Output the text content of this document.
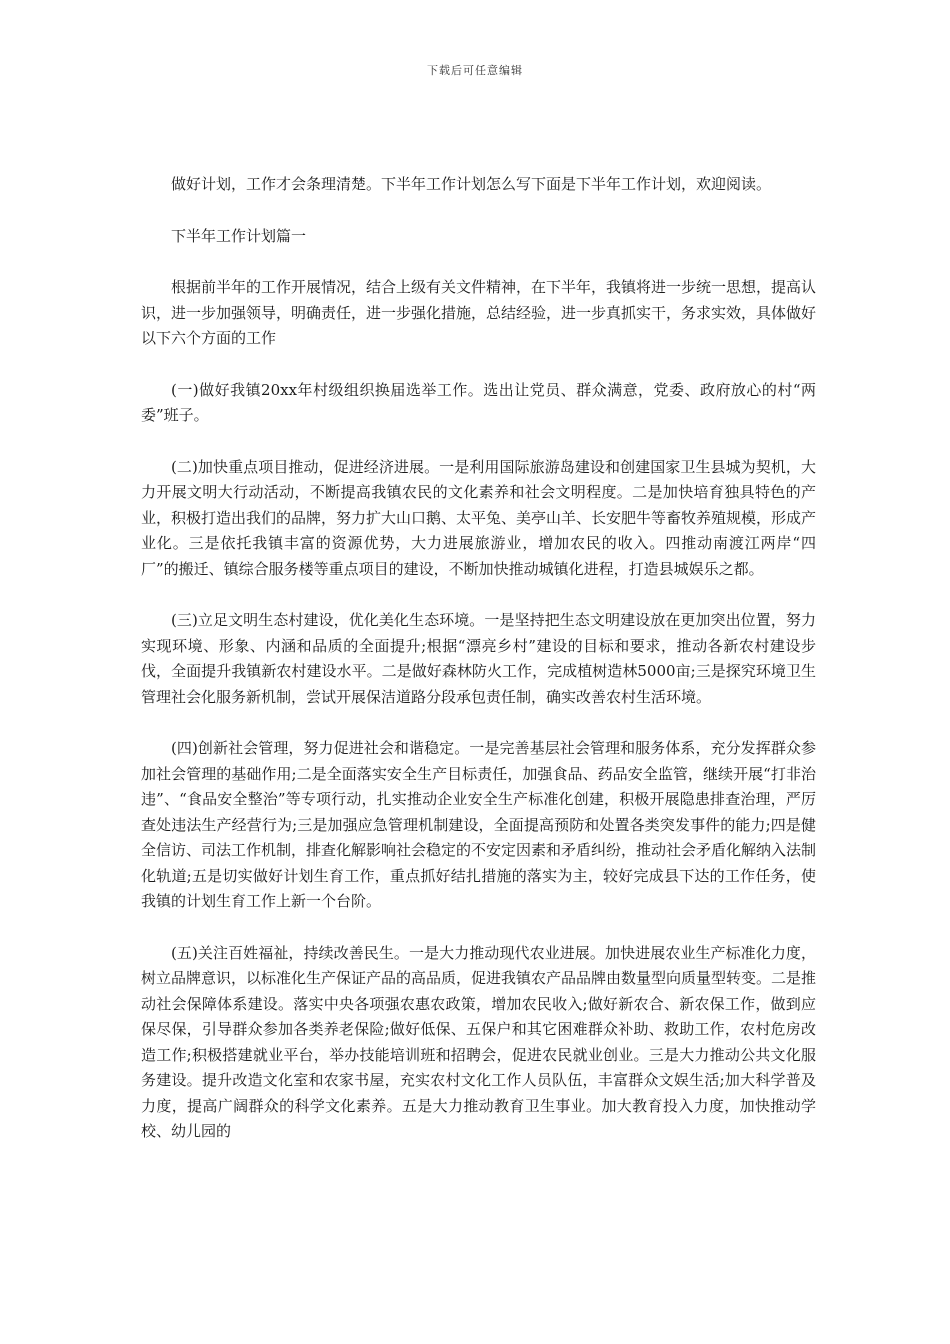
下载后可任意编辑

做好计划，工作才会条理清楚。下半年工作计划怎么写下面是下半年工作计划，欢迎阅读。

下半年工作计划篇一

根据前半年的工作开展情况，结合上级有关文件精神，在下半年，我镇将进一步统一思想，提高认识，进一步加强领导，明确责任，进一步强化措施，总结经验，进一步真抓实干，务求实效，具体做好以下六个方面的工作

(一)做好我镇20xx年村级组织换届选举工作。选出让党员、群众满意，党委、政府放心的村“两委”班子。

(二)加快重点项目推动，促进经济进展。一是利用国际旅游岛建设和创建国家卫生县城为契机，大力开展文明大行动活动，不断提高我镇农民的文化素养和社会文明程度。二是加快培育独具特色的产业，积极打造出我们的品牌，努力扩大山口鹅、太平兔、美亭山羊、长安肥牛等畜牧养殖规模，形成产业化。三是依托我镇丰富的资源优势，大力进展旅游业，增加农民的收入。四推动南渡江两岸“四厂”的搬迁、镇综合服务楼等重点项目的建设，不断加快推动城镇化进程，打造县城娱乐之都。

(三)立足文明生态村建设，优化美化生态环境。一是坚持把生态文明建设放在更加突出位置，努力实现环境、形象、内涵和品质的全面提升;根据“漂亮乡村”建设的目标和要求，推动各新农村建设步伐，全面提升我镇新农村建设水平。二是做好森林防火工作，完成植树造林5000亩;三是探究环境卫生管理社会化服务新机制，尝试开展保洁道路分段承包责任制，确实改善农村生活环境。

(四)创新社会管理，努力促进社会和谐稳定。一是完善基层社会管理和服务体系，充分发挥群众参加社会管理的基础作用;二是全面落实安全生产目标责任，加强食品、药品安全监管，继续开展“打非治违”、“食品安全整治”等专项行动，扎实推动企业安全生产标准化创建，积极开展隐患排查治理，严厉查处违法生产经营行为;三是加强应急管理机制建设，全面提高预防和处置各类突发事件的能力;四是健全信访、司法工作机制，排查化解影响社会稳定的不安定因素和矛盾纠纷，推动社会矛盾化解纳入法制化轨道;五是切实做好计划生育工作，重点抓好结扎措施的落实为主，较好完成县下达的工作任务，使我镇的计划生育工作上新一个台阶。

(五)关注百姓福祉，持续改善民生。一是大力推动现代农业进展。加快进展农业生产标准化力度，树立品牌意识，以标准化生产保证产品的高品质，促进我镇农产品品牌由数量型向质量型转变。二是推动社会保障体系建设。落实中央各项强农惠农政策，增加农民收入;做好新农合、新农保工作，做到应保尽保，引导群众参加各类养老保险;做好低保、五保户和其它困难群众补助、救助工作，农村危房改造工作;积极搭建就业平台，举办技能培训班和招聘会，促进农民就业创业。三是大力推动公共文化服务建设。提升改造文化室和农家书屋，充实农村文化工作人员队伍，丰富群众文娱生活;加大科学普及力度，提高广阔群众的科学文化素养。五是大力推动教育卫生事业。加大教育投入力度，加快推动学校、幼儿园的
